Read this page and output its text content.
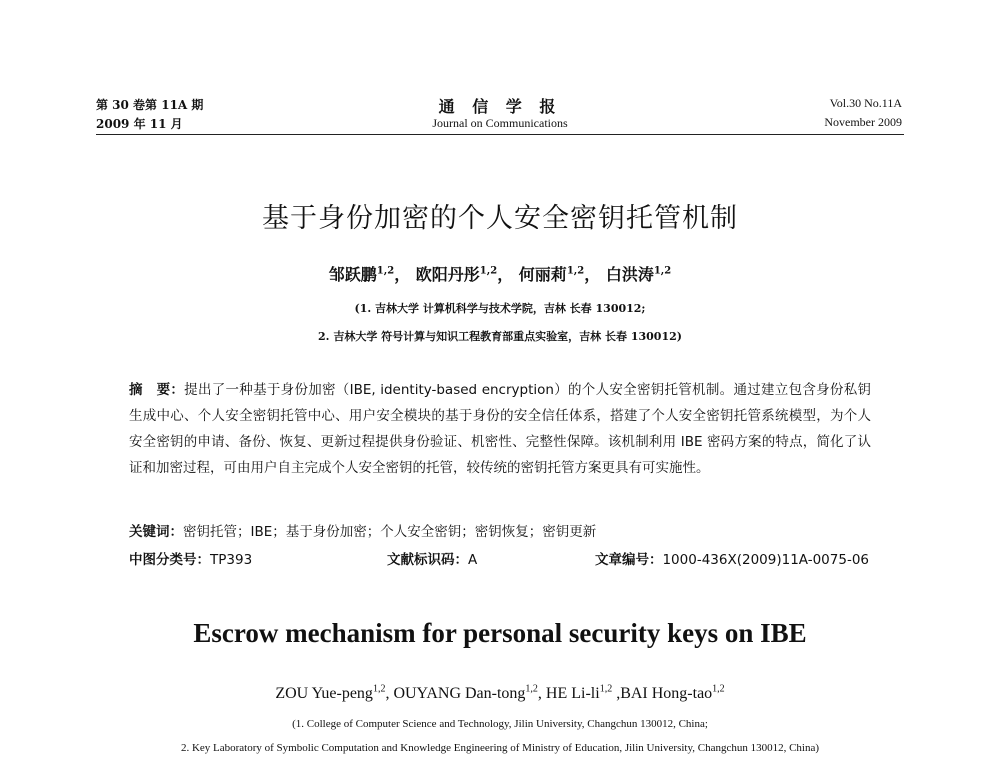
第 30 卷第 11A 期
2009 年 11 月
通 信 学 报
Journal on Communications
Vol.30 No.11A
November 2009
基于身份加密的个人安全密钥托管机制
邹跃鹏$^{1,2}$， 欧阳丹彤$^{1,2}$， 何丽莉$^{1,2}$， 白洪涛$^{1,2}$
(1. 吉林大学 计算机科学与技术学院，吉林 长春 130012;
2. 吉林大学 符号计算与知识工程教育部重点实验室，吉林 长春 130012)
摘　要：提出了一种基于身份加密（IBE, identity-based encryption）的个人安全密钥托管机制。通过建立包含身份私钥生成中心、个人安全密钥托管中心、用户安全模块的基于身份的安全信任体系，搭建了个人安全密钥托管系统模型，为个人安全密钥的申请、备份、恢复、更新过程提供身份验证、机密性、完整性保障。该机制利用 IBE 密码方案的特点，简化了认证和加密过程，可由用户自主完成个人安全密钥的托管，较传统的密钥托管方案更具有可实施性。
关键词：密钥托管；IBE；基于身份加密；个人安全密钥；密钥恢复；密钥更新
中图分类号：TP393	文献标识码：A	文章编号：1000-436X(2009)11A-0075-06
Escrow mechanism for personal security keys on IBE
ZOU Yue-peng$^{1,2}$, OUYANG Dan-tong$^{1,2}$, HE Li-li$^{1,2}$ ,BAI Hong-tao$^{1,2}$
(1. College of Computer Science and Technology, Jilin University, Changchun 130012, China;
2. Key Laboratory of Symbolic Computation and Knowledge Engineering of Ministry of Education, Jilin University, Changchun 130012, China)
